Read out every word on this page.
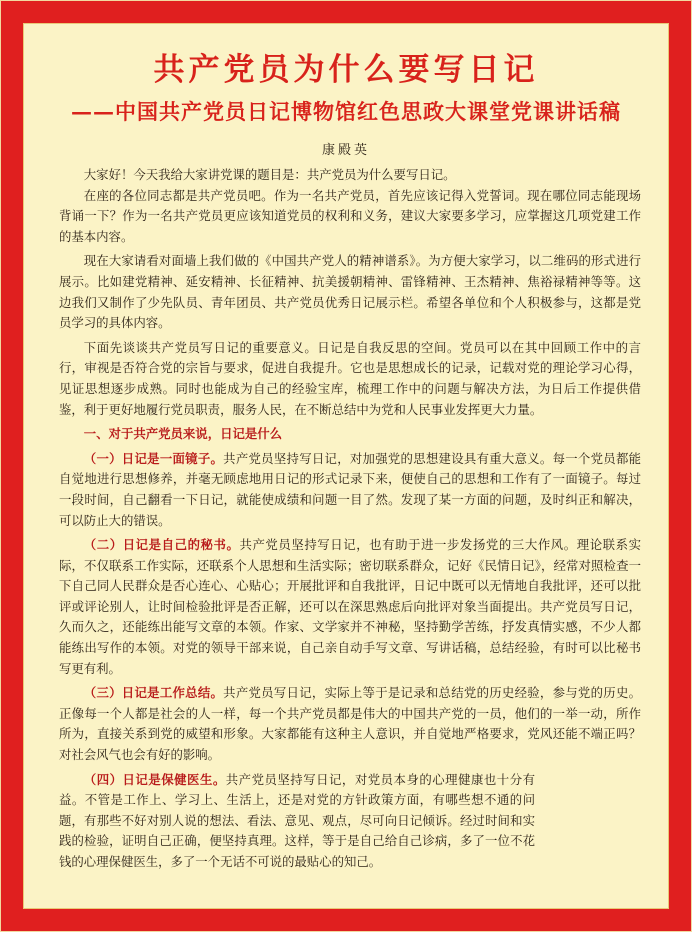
共产党员为什么要写日记
——中国共产党员日记博物馆红色思政大课堂党课讲话稿
康殿英

大家好！今天我给大家讲党课的题目是：共产党员为什么要写日记。

在座的各位同志都是共产党员吧。作为一名共产党员，首先应该记得入党誓词。现在哪位同志能现场背诵一下？作为一名共产党员更应该知道党员的权利和义务，建议大家要多学习，应掌握这几项党建工作的基本内容。

现在大家请看对面墙上我们做的《中国共产党人的精神谱系》。为方便大家学习，以二维码的形式进行展示。比如建党精神、延安精神、长征精神、抗美援朝精神、雷锋精神、王杰精神、焦裕禄精神等等。这边我们又制作了少先队员、青年团员、共产党员优秀日记展示栏。希望各单位和个人积极参与，这都是党员学习的具体内容。

下面先谈谈共产党员写日记的重要意义。日记是自我反思的空间。党员可以在其中回顾工作中的言行，审视是否符合党的宗旨与要求，促进自我提升。它也是思想成长的记录，记载对党的理论学习心得，见证思想逐步成熟。同时也能成为自己的经验宝库，梳理工作中的问题与解决方法，为日后工作提供借鉴，利于更好地履行党员职责，服务人民，在不断总结中为党和人民事业发挥更大力量。

一、对于共产党员来说，日记是什么

（一）日记是一面镜子。共产党员坚持写日记，对加强党的思想建设具有重大意义。每一个党员都能自觉地进行思想修养，并毫无顾虑地用日记的形式记录下来，便使自己的思想和工作有了一面镜子。每过一段时间，自己翻看一下日记，就能使成绩和问题一目了然。发现了某一方面的问题，及时纠正和解决，可以防止大的错误。

（二）日记是自己的秘书。共产党员坚持写日记，也有助于进一步发扬党的三大作风。理论联系实际，不仅联系工作实际，还联系个人思想和生活实际；密切联系群众，记好《民情日记》，经常对照检查一下自己同人民群众是否心连心、心贴心；开展批评和自我批评，日记中既可以无情地自我批评，还可以批评或评论别人，让时间检验批评是否正解，还可以在深思熟虑后向批评对象当面提出。共产党员写日记，久而久之，还能练出能写文章的本领。作家、文学家并不神秘，坚持勤学苦练，抒发真情实感，不少人都能练出写作的本领。对党的领导干部来说，自己亲自动手写文章、写讲话稿，总结经验，有时可以比秘书写更有利。

（三）日记是工作总结。共产党员写日记，实际上等于是记录和总结党的历史经验，参与党的历史。正像每一个人都是社会的人一样，每一个共产党员都是伟大的中国共产党的一员，他们的一举一动，所作所为，直接关系到党的威望和形象。大家都能有这种主人意识，并自觉地严格要求，党风还能不端正吗？对社会风气也会有好的影响。

（四）日记是保健医生。共产党员坚持写日记，对党员本身的心理健康也十分有益。不管是工作上、学习上、生活上，还是对党的方针政策方面，有哪些想不通的问题，有那些不好对别人说的想法、看法、意见、观点，尽可向日记倾诉。经过时间和实践的检验，证明自己正确，便坚持真理。这样，等于是自己给自己诊病，多了一位不花钱的心理保健医生，多了一个无话不可说的最贴心的知己。
